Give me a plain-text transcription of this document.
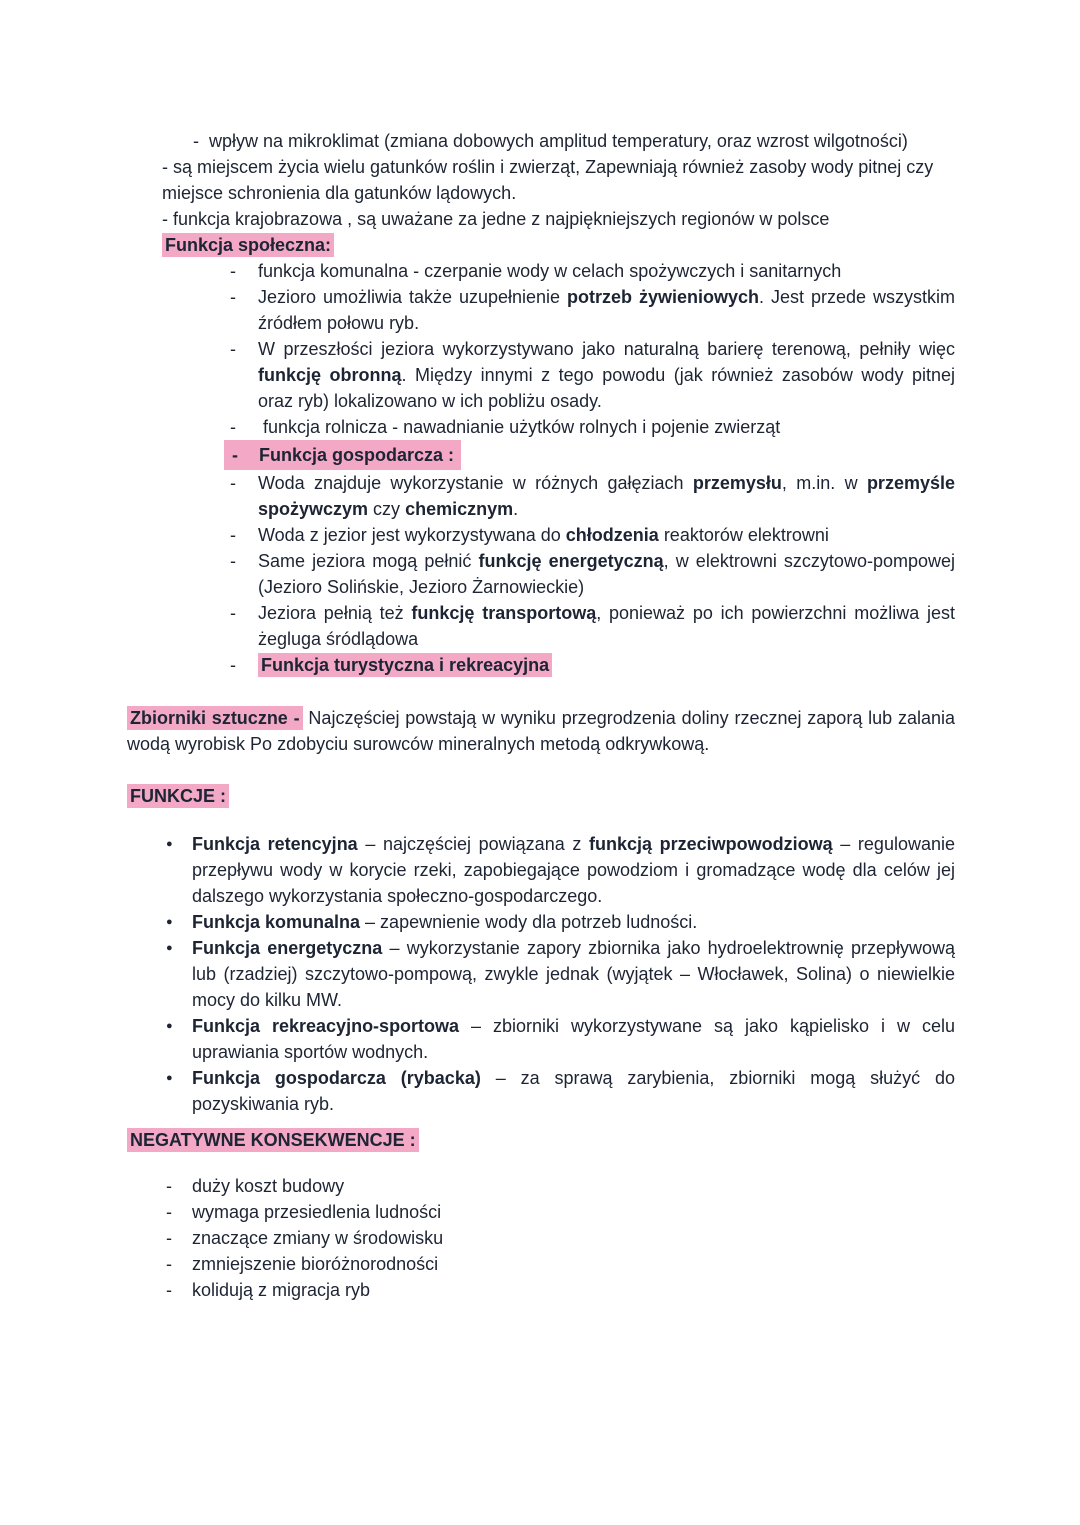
-  wpływ na mikroklimat (zmiana dobowych amplitud temperatury, oraz wzrost wilgotności)

- są miejscem życia wielu gatunków roślin i zwierząt, Zapewniają również zasoby wody pitnej czy miejsce schronienia dla gatunków lądowych.

- funkcja krajobrazowa , są uważane za jedne z najpiękniejszych regionów w polsce

Funkcja społeczna:

- funkcja komunalna - czerpanie wody w celach spożywczych i sanitarnych
- Jezioro umożliwia także uzupełnienie potrzeb żywieniowych. Jest przede wszystkim źródłem połowu ryb.
- W przeszłości jeziora wykorzystywano jako naturalną barierę terenową, pełniły więc funkcję obronną. Między innymi z tego powodu (jak również zasobów wody pitnej oraz ryb) lokalizowano w ich pobliżu osady.
- funkcja rolnicza - nawadnianie użytków rolnych i pojenie zwierząt
- Funkcja gospodarcza :
- Woda znajduje wykorzystanie w różnych gałęziach przemysłu, m.in. w przemyśle spożywczym czy chemicznym.
- Woda z jezior jest wykorzystywana do chłodzenia reaktorów elektrowni
- Same jeziora mogą pełnić funkcję energetyczną, w elektrowni szczytowo-pompowej (Jezioro Solińskie, Jezioro Żarnowieckie)
- Jeziora pełnią też funkcję transportową, ponieważ po ich powierzchni możliwa jest żegluga śródlądowa
- Funkcja turystyczna i rekreacyjna

Zbiorniki sztuczne - Najczęściej powstają w wyniku przegrodzenia doliny rzecznej zaporą lub zalania wodą wyrobisk Po zdobyciu surowców mineralnych metodą odkrywkową.

FUNKCJE :

● Funkcja retencyjna – najczęściej powiązana z funkcją przeciwpowodziową – regulowanie przepływu wody w korycie rzeki, zapobiegające powodziom i gromadzące wodę dla celów jej dalszego wykorzystania społeczno-gospodarczego.
● Funkcja komunalna – zapewnienie wody dla potrzeb ludności.
● Funkcja energetyczna – wykorzystanie zapory zbiornika jako hydroelektrownię przepływową lub (rzadziej) szczytowo-pompową, zwykle jednak (wyjątek – Włocławek, Solina) o niewielkie mocy do kilku MW.
● Funkcja rekreacyjno-sportowa – zbiorniki wykorzystywane są jako kąpielisko i w celu uprawiania sportów wodnych.
● Funkcja gospodarcza (rybacka) – za sprawą zarybienia, zbiorniki mogą służyć do pozyskiwania ryb.

NEGATYWNE KONSEKWENCJE :

- duży koszt budowy
- wymaga przesiedlenia ludności
- znaczące zmiany w środowisku
- zmniejszenie bioróżnorodności
- kolidują z migracja ryb
